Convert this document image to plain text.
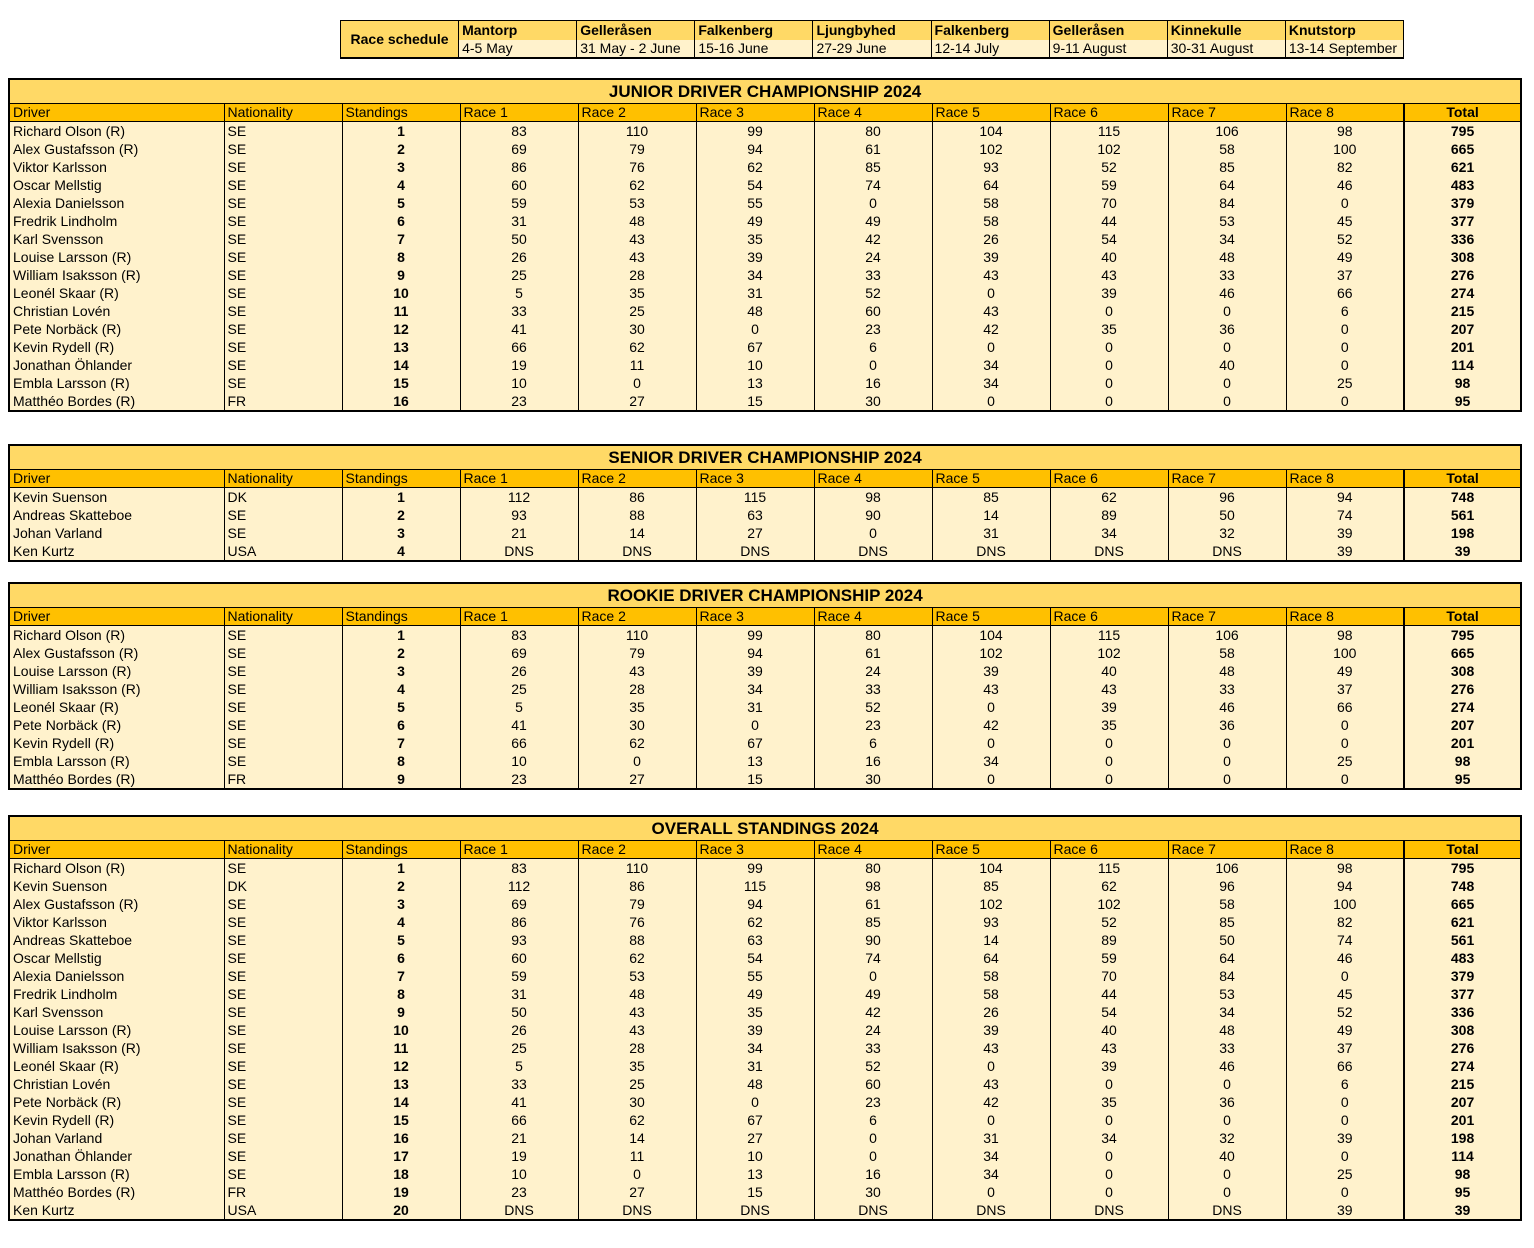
Race schedule	Mantorp	Gelleråsen	Falkenberg	Ljungbyhed	Falkenberg	Gelleråsen	Kinnekulle	Knutstorp
	4-5 May	31 May - 2 June	15-16 June	27-29 June	12-14 July	9-11 August	30-31 August	13-14 September
JUNIOR DRIVER CHAMPIONSHIP 2024											
Driver	Nationality	Standings	Race 1	Race 2	Race 3	Race 4	Race 5	Race 6	Race 7	Race 8	Total
Richard Olson (R)	SE	1	83	110	99	80	104	115	106	98	795
Alex Gustafsson (R)	SE	2	69	79	94	61	102	102	58	100	665
Viktor Karlsson	SE	3	86	76	62	85	93	52	85	82	621
Oscar Mellstig	SE	4	60	62	54	74	64	59	64	46	483
Alexia Danielsson	SE	5	59	53	55	0	58	70	84	0	379
Fredrik Lindholm	SE	6	31	48	49	49	58	44	53	45	377
Karl Svensson	SE	7	50	43	35	42	26	54	34	52	336
Louise Larsson (R)	SE	8	26	43	39	24	39	40	48	49	308
William Isaksson (R)	SE	9	25	28	34	33	43	43	33	37	276
Leonél Skaar (R)	SE	10	5	35	31	52	0	39	46	66	274
Christian Lovén	SE	11	33	25	48	60	43	0	0	6	215
Pete Norbäck (R)	SE	12	41	30	0	23	42	35	36	0	207
Kevin Rydell (R)	SE	13	66	62	67	6	0	0	0	0	201
Jonathan Öhlander	SE	14	19	11	10	0	34	0	40	0	114
Embla Larsson (R)	SE	15	10	0	13	16	34	0	0	25	98
Matthéo Bordes (R)	FR	16	23	27	15	30	0	0	0	0	95
SENIOR DRIVER CHAMPIONSHIP 2024											
Driver	Nationality	Standings	Race 1	Race 2	Race 3	Race 4	Race 5	Race 6	Race 7	Race 8	Total
Kevin Suenson	DK	1	112	86	115	98	85	62	96	94	748
Andreas Skatteboe	SE	2	93	88	63	90	14	89	50	74	561
Johan Varland	SE	3	21	14	27	0	31	34	32	39	198
Ken Kurtz	USA	4	DNS	DNS	DNS	DNS	DNS	DNS	DNS	39	39
ROOKIE DRIVER CHAMPIONSHIP 2024											
Driver	Nationality	Standings	Race 1	Race 2	Race 3	Race 4	Race 5	Race 6	Race 7	Race 8	Total
Richard Olson (R)	SE	1	83	110	99	80	104	115	106	98	795
Alex Gustafsson (R)	SE	2	69	79	94	61	102	102	58	100	665
Louise Larsson (R)	SE	3	26	43	39	24	39	40	48	49	308
William Isaksson (R)	SE	4	25	28	34	33	43	43	33	37	276
Leonél Skaar (R)	SE	5	5	35	31	52	0	39	46	66	274
Pete Norbäck (R)	SE	6	41	30	0	23	42	35	36	0	207
Kevin Rydell (R)	SE	7	66	62	67	6	0	0	0	0	201
Embla Larsson (R)	SE	8	10	0	13	16	34	0	0	25	98
Matthéo Bordes (R)	FR	9	23	27	15	30	0	0	0	0	95
OVERALL STANDINGS 2024											
Driver	Nationality	Standings	Race 1	Race 2	Race 3	Race 4	Race 5	Race 6	Race 7	Race 8	Total
Richard Olson (R)	SE	1	83	110	99	80	104	115	106	98	795
Kevin Suenson	DK	2	112	86	115	98	85	62	96	94	748
Alex Gustafsson (R)	SE	3	69	79	94	61	102	102	58	100	665
Viktor Karlsson	SE	4	86	76	62	85	93	52	85	82	621
Andreas Skatteboe	SE	5	93	88	63	90	14	89	50	74	561
Oscar Mellstig	SE	6	60	62	54	74	64	59	64	46	483
Alexia Danielsson	SE	7	59	53	55	0	58	70	84	0	379
Fredrik Lindholm	SE	8	31	48	49	49	58	44	53	45	377
Karl Svensson	SE	9	50	43	35	42	26	54	34	52	336
Louise Larsson (R)	SE	10	26	43	39	24	39	40	48	49	308
William Isaksson (R)	SE	11	25	28	34	33	43	43	33	37	276
Leonél Skaar (R)	SE	12	5	35	31	52	0	39	46	66	274
Christian Lovén	SE	13	33	25	48	60	43	0	0	6	215
Pete Norbäck (R)	SE	14	41	30	0	23	42	35	36	0	207
Kevin Rydell (R)	SE	15	66	62	67	6	0	0	0	0	201
Johan Varland	SE	16	21	14	27	0	31	34	32	39	198
Jonathan Öhlander	SE	17	19	11	10	0	34	0	40	0	114
Embla Larsson (R)	SE	18	10	0	13	16	34	0	0	25	98
Matthéo Bordes (R)	FR	19	23	27	15	30	0	0	0	0	95
Ken Kurtz	USA	20	DNS	DNS	DNS	DNS	DNS	DNS	DNS	39	39
